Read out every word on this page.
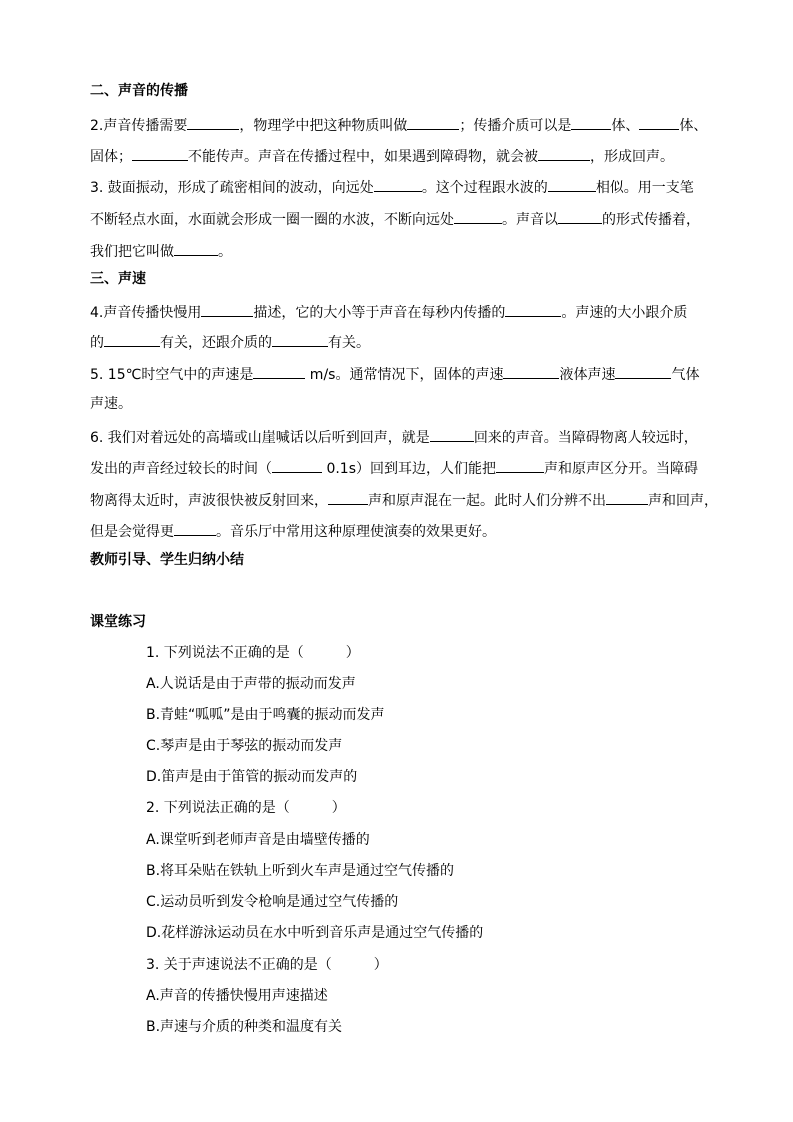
二、声音的传播
2.声音传播需要	，物理学中把这种物质叫做	；传播介质可以是	体、	体、
固体；	不能传声。声音在传播过程中，如果遇到障碍物，就会被	，形成回声。
3. 鼓面振动，形成了疏密相间的波动，向远处	。这个过程跟水波的	相似。用一支笔
不断轻点水面，水面就会形成一圈一圈的水波，不断向远处	。声音以	的形式传播着，
我们把它叫做	。
三、声速
4.声音传播快慢用	描述，它的大小等于声音在每秒内传播的	。声速的大小跟介质
的	有关，还跟介质的	有关。
5. 15℃时空气中的声速是	m/s。通常情况下，固体的声速	液体声速	气体
声速。
6. 我们对着远处的高墙或山崖喊话以后听到回声，就是	回来的声音。当障碍物离人较远时，
发出的声音经过较长的时间（	0.1s）回到耳边，人们能把	声和原声区分开。当障碍
物离得太近时，声波很快被反射回来，	声和原声混在一起。此时人们分辨不出	声和回声，
但是会觉得更	。音乐厅中常用这种原理使演奏的效果更好。
教师引导、学生归纳小结
课堂练习
1. 下列说法不正确的是（　　　）
A.人说话是由于声带的振动而发声
B.青蛙“呱呱”是由于鸣囊的振动而发声
C.琴声是由于琴弦的振动而发声
D.笛声是由于笛管的振动而发声的
2. 下列说法正确的是（　　　）
A.课堂听到老师声音是由墙壁传播的
B.将耳朵贴在铁轨上听到火车声是通过空气传播的
C.运动员听到发令枪响是通过空气传播的
D.花样游泳运动员在水中听到音乐声是通过空气传播的
3. 关于声速说法不正确的是（　　　）
A.声音的传播快慢用声速描述
B.声速与介质的种类和温度有关
